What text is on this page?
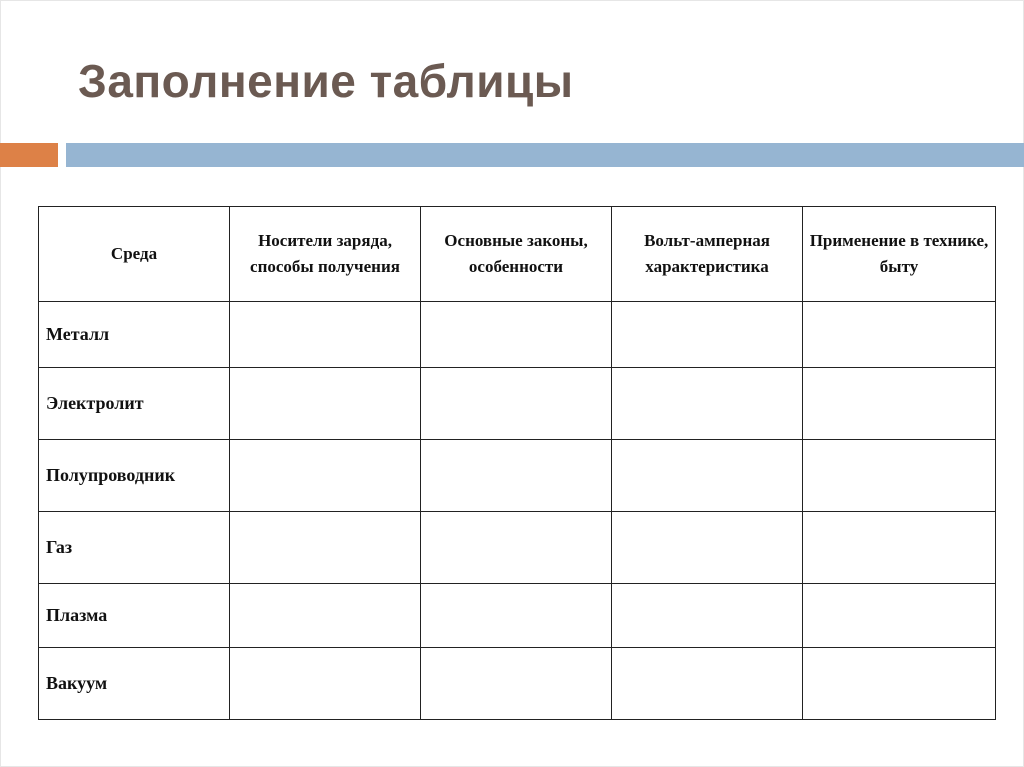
Заполнение таблицы
Среда	Носители заряда, способы получения	Основные законы, особенности	Вольт-амперная характеристика	Применение в технике, быту
Металл				
Электролит				
Полупроводник				
Газ				
Плазма				
Вакуум				
